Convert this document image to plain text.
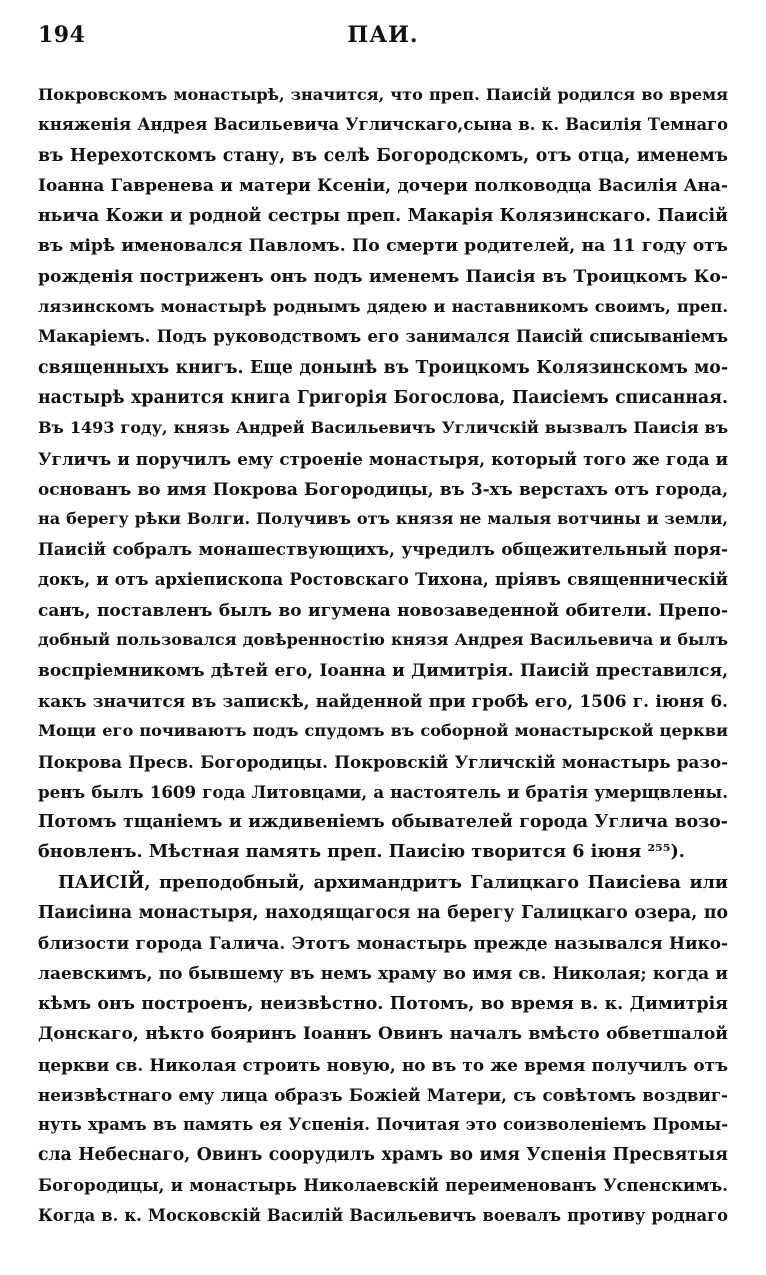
194	ПАИ.
Покровскомъ монастырѣ, значится, что преп. Паисій родился во время
княженія Андрея Васильевича Угличскаго,сына в. к. Василія Темнаго
въ Нерехотскомъ стану, въ селѣ Богородскомъ, отъ отца, именемъ
Іоанна Гавренева и матери Ксеніи, дочери полководца Василія Ана-
ньича Кожи и родной сестры преп. Макарія Колязинскаго. Паисій
въ мірѣ именовался Павломъ. По смерти родителей, на 11 году отъ
рожденія постриженъ онъ подъ именемъ Паисія въ Троицкомъ Ко-
лязинскомъ монастырѣ роднымъ дядею и наставникомъ своимъ, преп.
Макаріемъ. Подъ руководствомъ его занимался Паисій списываніемъ
священныхъ книгъ. Еще донынѣ въ Троицкомъ Колязинскомъ мо-
настырѣ хранится книга Григорія Богослова, Паисіемъ списанная.
Въ 1493 году, князь Андрей Васильевичъ Угличскій вызвалъ Паисія въ
Угличъ и поручилъ ему строеніе монастыря, который того же года и
основанъ во имя Покрова Богородицы, въ 3-хъ верстахъ отъ города,
на берегу рѣки Волги. Получивъ отъ князя не малыя вотчины и земли,
Паисій собралъ монашествующихъ, учредилъ общежительный поря-
докъ, и отъ архіепископа Ростовскаго Тихона, прiявъ священническій
санъ, поставленъ былъ во игумена новозаведенной обители. Препо-
добный пользовался довѣренностію князя Андрея Васильевича и былъ
воспріемникомъ дѣтей его, Іоанна и Димитрія. Паисій преставился,
какъ значится въ запискѣ, найденной при гробѣ его, 1506 г. іюня 6.
Мощи его почиваютъ подъ спудомъ въ соборной монастырской церкви
Покрова Пресв. Богородицы. Покровскій Угличскій монастырь разо-
ренъ былъ 1609 года Литовцами, а настоятель и братія умерщвлены.
Потомъ тщаніемъ и иждивеніемъ обывателей города Углича возо-
бновленъ. Мѣстная память преп. Паисію творится 6 іюня ²⁵⁵).
ПАИСІЙ, преподобный, архимандритъ Галицкаго Паисіева или
Паисіина монастыря, находящагося на берегу Галицкаго озера, по
близости города Галича. Этотъ монастырь прежде назывался Нико-
лаевскимъ, по бывшему въ немъ храму во имя св. Николая; когда и
кѣмъ онъ построенъ, неизвѣстно. Потомъ, во время в. к. Димитрія
Донскаго, нѣкто бояринъ Іоаннъ Овинъ началъ вмѣсто обветшалой
церкви св. Николая строить новую, но въ то же время получилъ отъ
неизвѣстнаго ему лица образъ Божіей Матери, съ совѣтомъ воздвиг-
нуть храмъ въ память ея Успенія. Почитая это соизволеніемъ Промы-
сла Небеснаго, Овинъ соорудилъ храмъ во имя Успенія Пресвятыя
Богородицы, и монастырь Николаевскій переименованъ Успенскимъ.
Когда в. к. Московскій Василій Васильевичъ воевалъ противу роднаго
